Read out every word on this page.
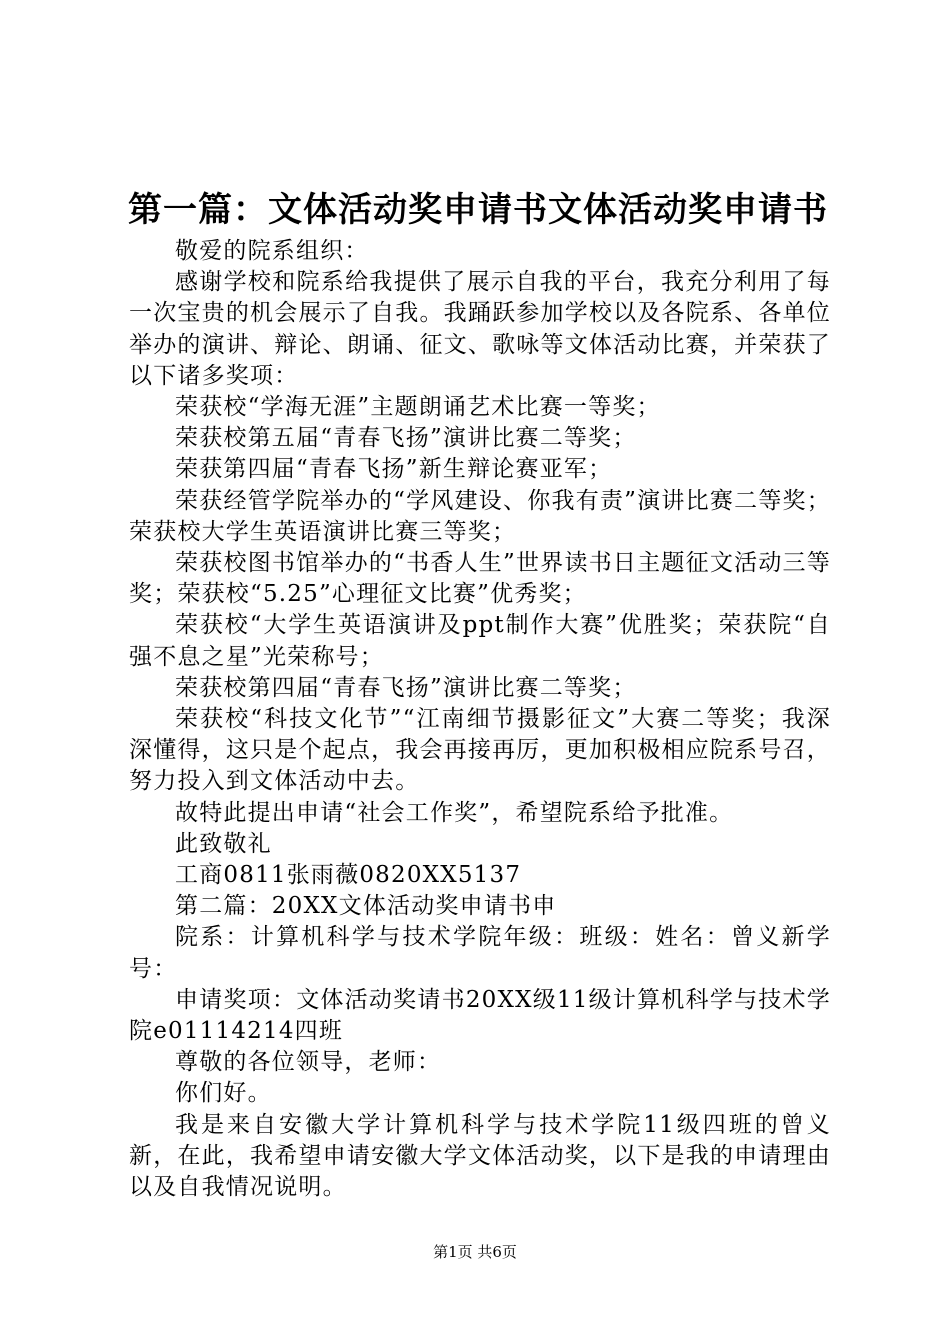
第一篇：文体活动奖申请书文体活动奖申请书

敬爱的院系组织：

感谢学校和院系给我提供了展示自我的平台，我充分利用了每一次宝贵的机会展示了自我。我踊跃参加学校以及各院系、各单位举办的演讲、辩论、朗诵、征文、歌咏等文体活动比赛，并荣获了以下诸多奖项：

荣获校“学海无涯”主题朗诵艺术比赛一等奖；

荣获校第五届“青春飞扬”演讲比赛二等奖；

荣获第四届“青春飞扬”新生辩论赛亚军；

荣获经管学院举办的“学风建设、你我有责”演讲比赛二等奖；荣获校大学生英语演讲比赛三等奖；

荣获校图书馆举办的“书香人生”世界读书日主题征文活动三等奖；荣获校“5.25”心理征文比赛”优秀奖；

荣获校“大学生英语演讲及ppt制作大赛”优胜奖；荣获院“自强不息之星”光荣称号；

荣获校第四届“青春飞扬”演讲比赛二等奖；

荣获校“科技文化节”“江南细节摄影征文”大赛二等奖；我深深懂得，这只是个起点，我会再接再厉，更加积极相应院系号召，努力投入到文体活动中去。

故特此提出申请“社会工作奖”，希望院系给予批准。

此致敬礼

工商0811张雨薇0820XX5137

第二篇：20XX文体活动奖申请书申

院系：计算机科学与技术学院年级：班级：姓名：曾义新学号：

申请奖项：文体活动奖请书20XX级11级计算机科学与技术学院e01114214四班

尊敬的各位领导，老师：

你们好。

我是来自安徽大学计算机科学与技术学院11级四班的曾义新，在此，我希望申请安徽大学文体活动奖，以下是我的申请理由以及自我情况说明。

第1页 共6页
